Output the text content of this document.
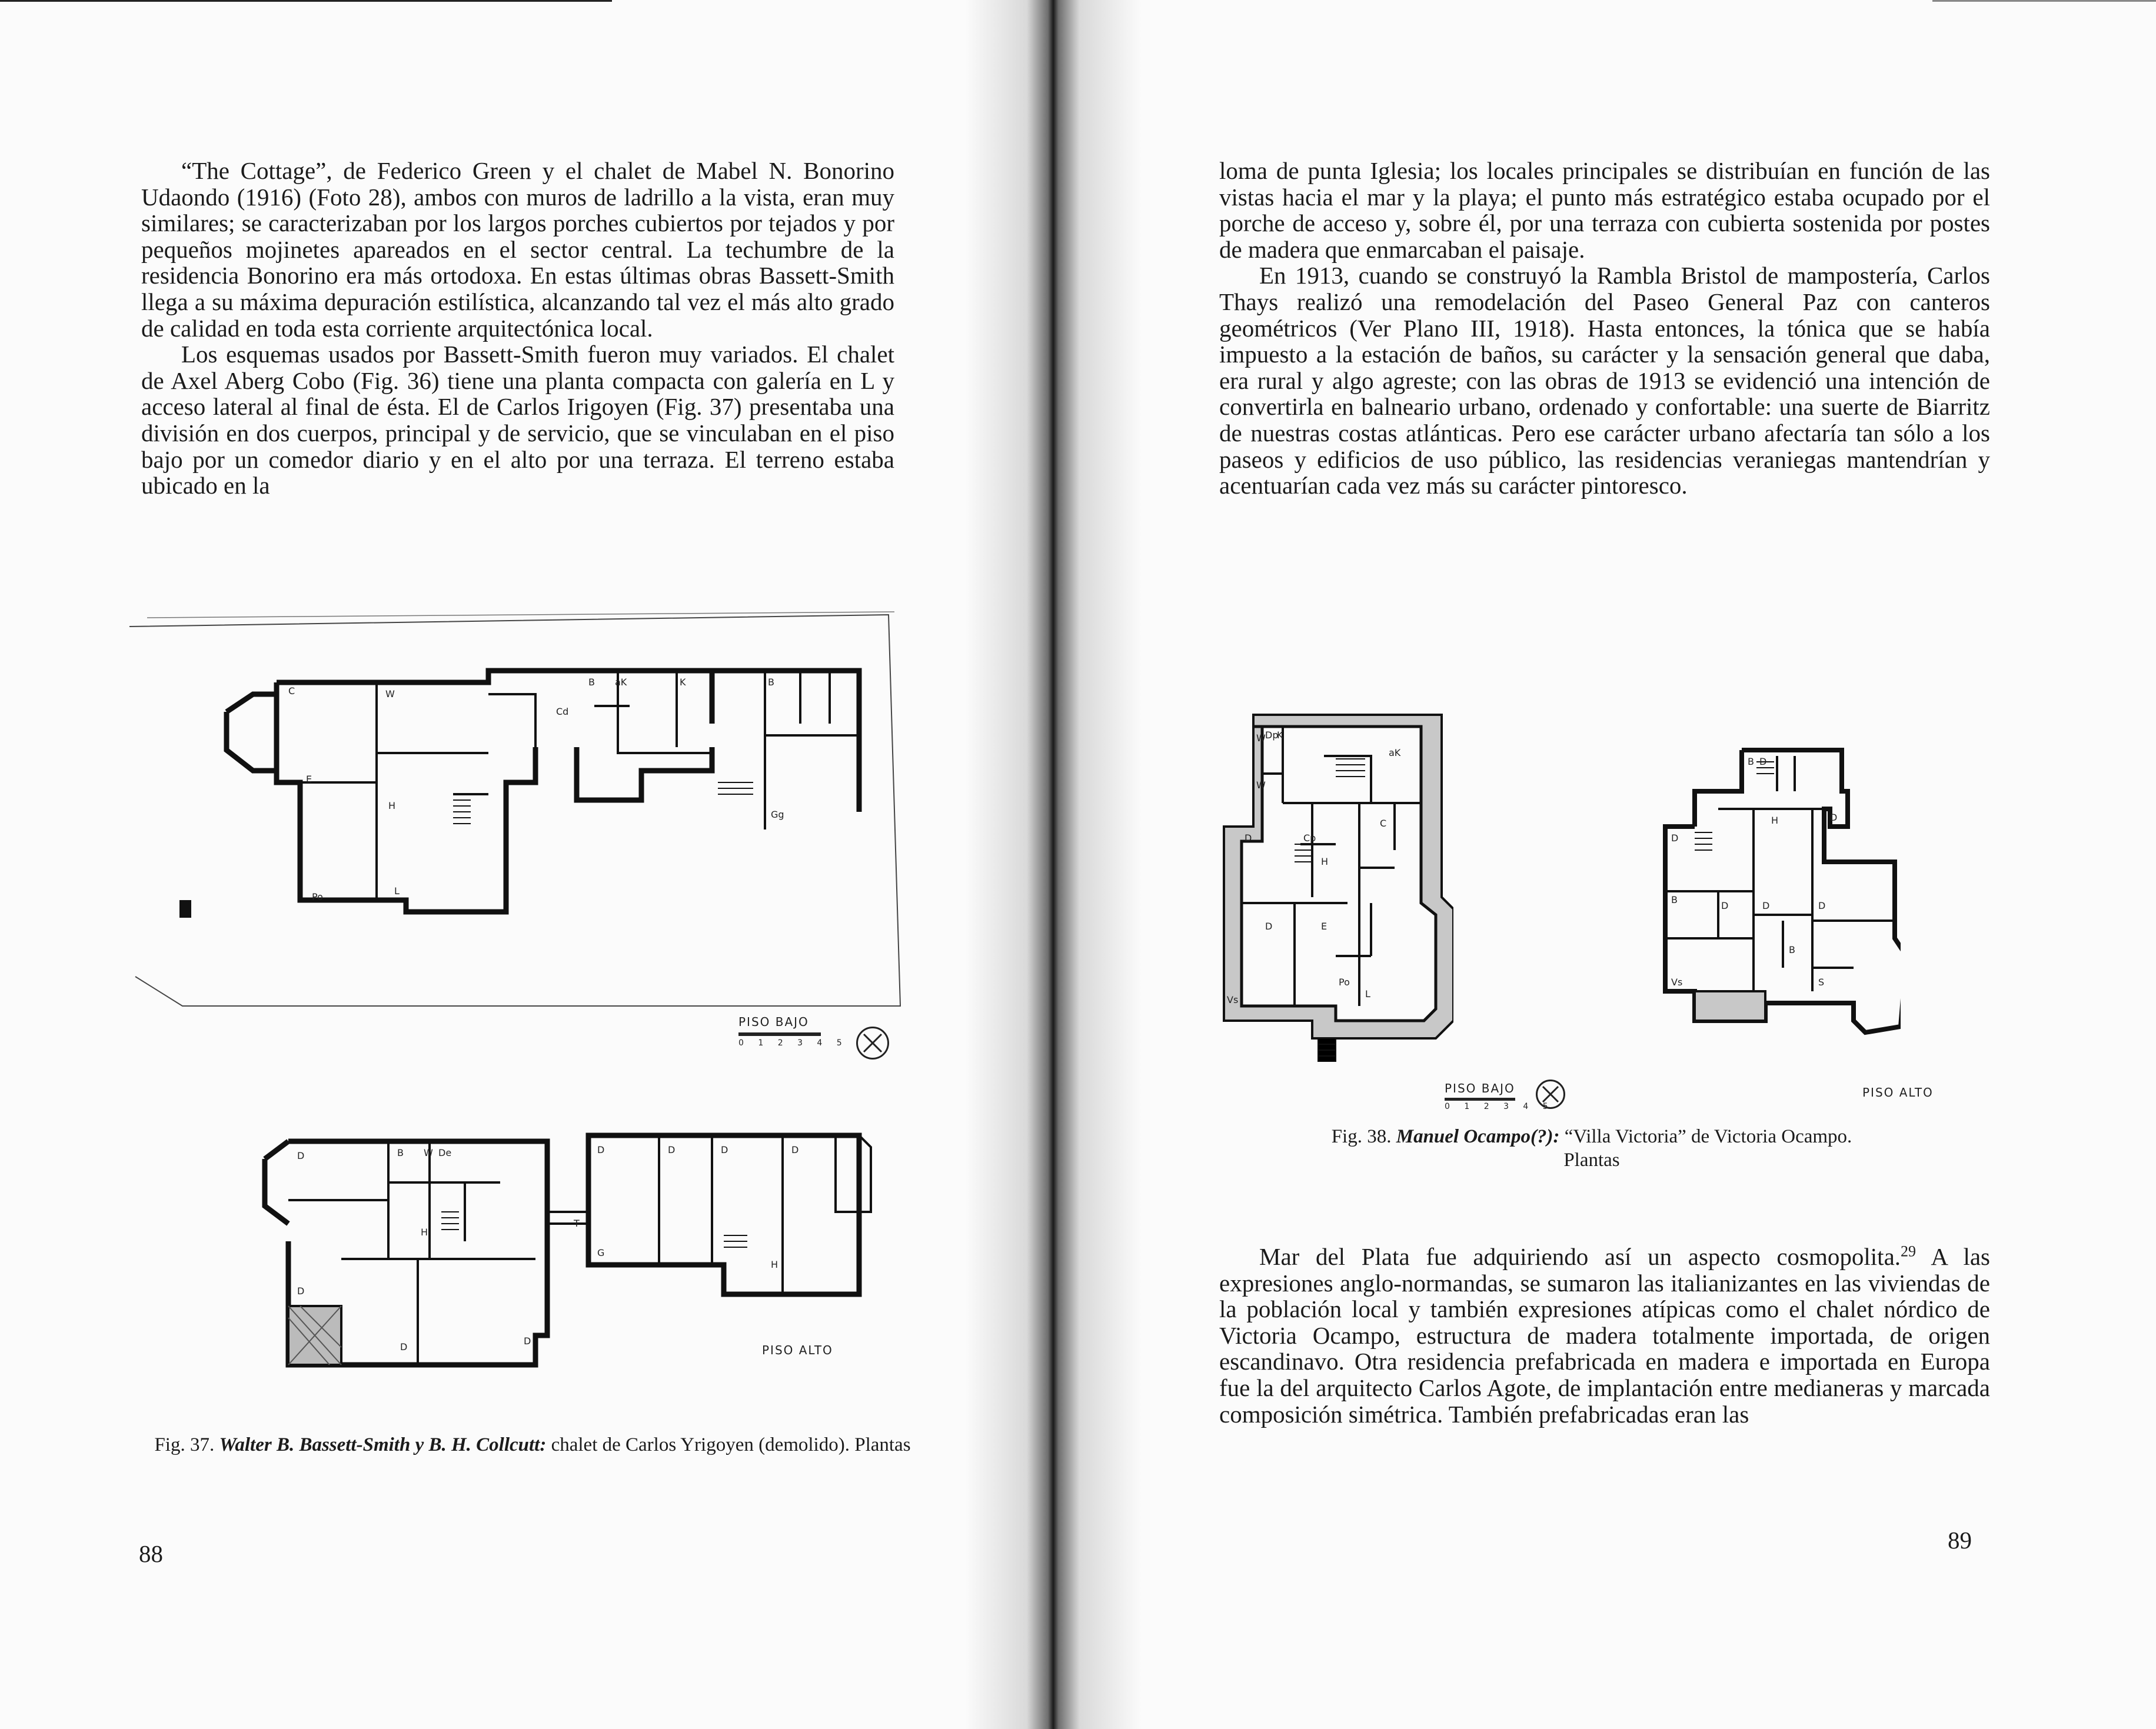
“The Cottage”, de Federico Green y el chalet de Mabel N. Bonorino Udaondo (1916) (Foto 28), ambos con muros de ladrillo a la vista, eran muy similares; se caracterizaban por los largos porches cubiertos por tejados y por pequeños mojinetes apareados en el sector central. La techumbre de la residencia Bonorino era más ortodoxa. En estas últimas obras Bassett-Smith llega a su máxima depuración estilística, alcanzando tal vez el más alto grado de calidad en toda esta corriente arquitectónica local.

Los esquemas usados por Bassett-Smith fueron muy variados. El chalet de Axel Aberg Cobo (Fig. 36) tiene una planta compacta con galería en L y acceso lateral al final de ésta. El de Carlos Irigoyen (Fig. 37) presentaba una división en dos cuerpos, principal y de servicio, que se vinculaban en el piso bajo por un comedor diario y en el alto por una terraza. El terreno estaba ubicado en la

C	W
Cd
B aK	K	B
E
H
Gg
Po
L
PISO BAJO
0 1 2 3 4 5
D	B W De	D	D	D	D
H
T
G
H
D
D
D
PISO ALTO
Fig. 37. Walter B. Bassett-Smith y B. H. Collcutt: chalet de Carlos Yrigoyen (demolido). Plantas
88

loma de punta Iglesia; los locales principales se distribuían en función de las vistas hacia el mar y la playa; el punto más estratégico estaba ocupado por el porche de acceso y, sobre él, por una terraza con cubierta sostenida por postes de madera que enmarcaban el paisaje.

En 1913, cuando se construyó la Rambla Bristol de mampostería, Carlos Thays realizó una remodelación del Paseo General Paz con canteros geométricos (Ver Plano III, 1918). Hasta entonces, la tónica que se había impuesto a la estación de baños, su carácter y la sensación general que daba, era rural y algo agreste; con las obras de 1913 se evidenció una intención de convertirla en balneario urbano, ordenado y confortable: una suerte de Biarritz de nuestras costas atlánticas. Pero ese carácter urbano afectaría tan sólo a los paseos y edificios de uso público, las residencias veraniegas mantendrían y acentuarían cada vez más su carácter pintoresco.

W Dp
K
aK
W
C
D	Cp
H
D	E
Vs
Po
L
PISO BAJO
0 1 2 3 4 5
B D
D
H
D
B
D	D	D
B
Vs	S
PISO ALTO
Fig. 38. Manuel Ocampo(?): “Villa Victoria” de Victoria Ocampo.
Plantas

Mar del Plata fue adquiriendo así un aspecto cosmopolita.$^{29}$ A las expresiones anglo-normandas, se sumaron las italianizantes en las viviendas de la población local y también expresiones atípicas como el chalet nórdico de Victoria Ocampo, estructura de madera totalmente importada, de origen escandinavo. Otra residencia prefabricada en madera e importada en Europa fue la del arquitecto Carlos Agote, de implantación entre medianeras y marcada composición simétrica. También prefabricadas eran las

89
